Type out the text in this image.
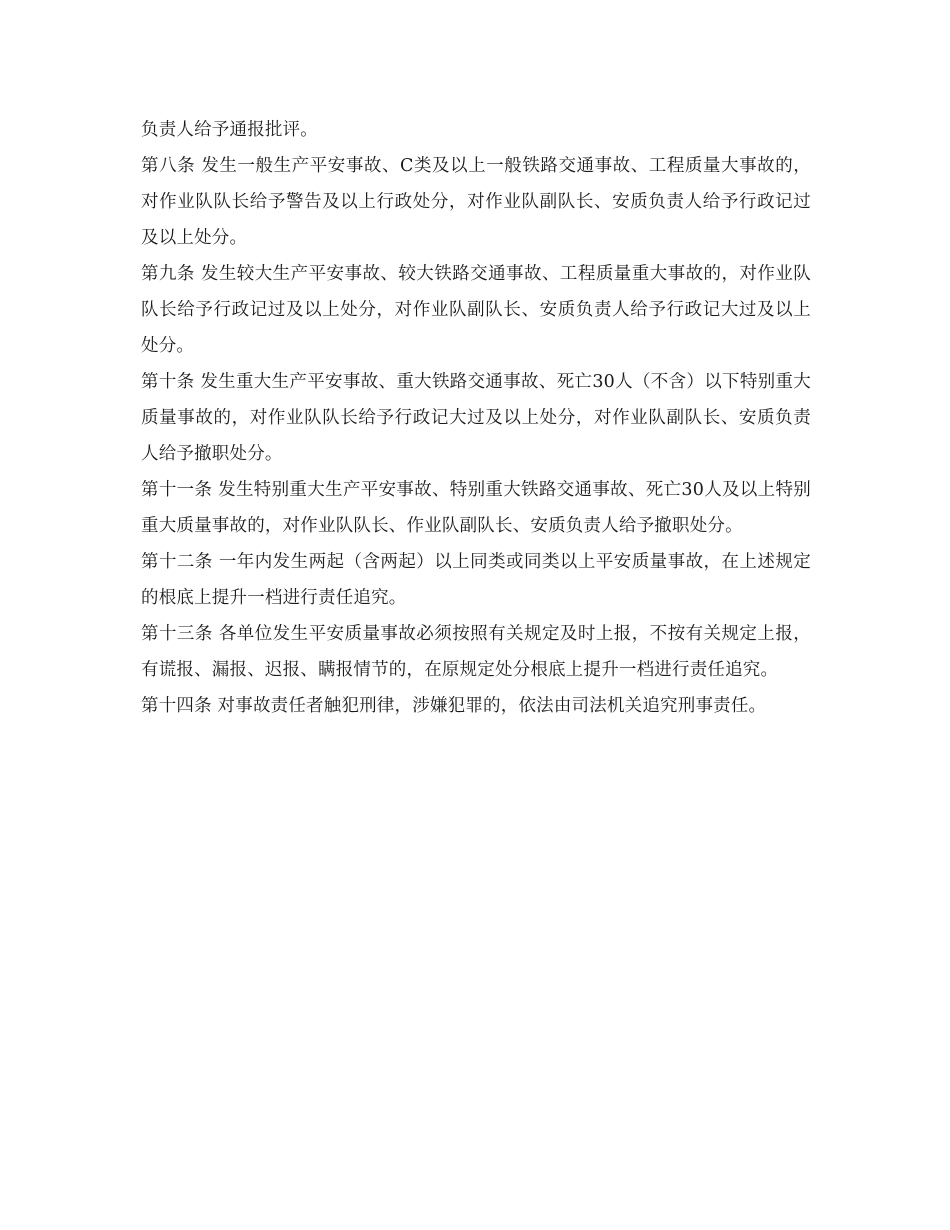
负责人给予通报批评。

第八条 发生一般生产平安事故、C类及以上一般铁路交通事故、工程质量大事故的，对作业队队长给予警告及以上行政处分，对作业队副队长、安质负责人给予行政记过及以上处分。

第九条 发生较大生产平安事故、较大铁路交通事故、工程质量重大事故的，对作业队队长给予行政记过及以上处分，对作业队副队长、安质负责人给予行政记大过及以上处分。

第十条 发生重大生产平安事故、重大铁路交通事故、死亡30人（不含）以下特别重大质量事故的，对作业队队长给予行政记大过及以上处分，对作业队副队长、安质负责人给予撤职处分。

第十一条 发生特别重大生产平安事故、特别重大铁路交通事故、死亡30人及以上特别重大质量事故的，对作业队队长、作业队副队长、安质负责人给予撤职处分。

第十二条 一年内发生两起（含两起）以上同类或同类以上平安质量事故，在上述规定的根底上提升一档进行责任追究。

第十三条 各单位发生平安质量事故必须按照有关规定及时上报，不按有关规定上报，有谎报、漏报、迟报、瞒报情节的，在原规定处分根底上提升一档进行责任追究。

第十四条 对事故责任者触犯刑律，涉嫌犯罪的，依法由司法机关追究刑事责任。
